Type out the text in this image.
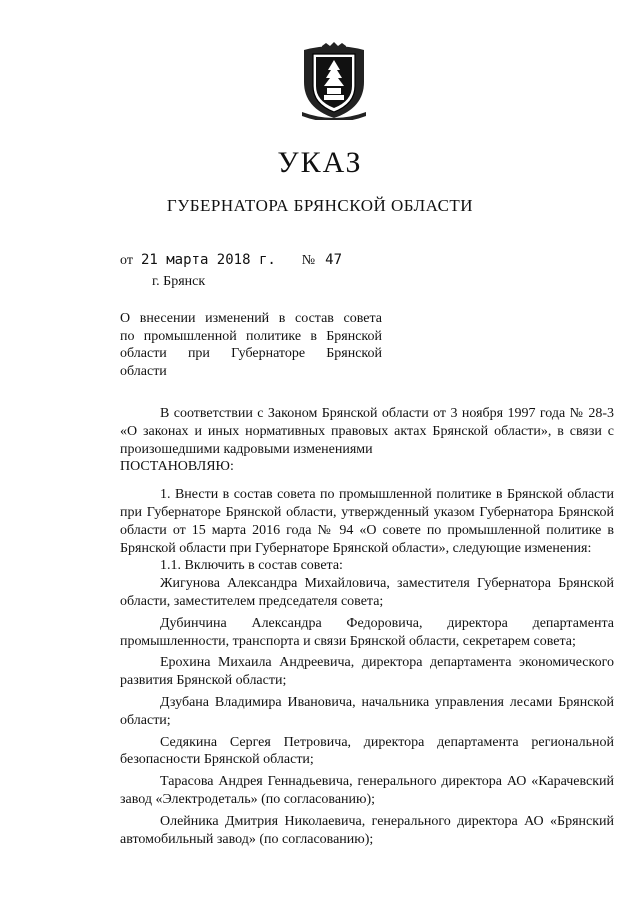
УКАЗ
ГУБЕРНАТОРА БРЯНСКОЙ ОБЛАСТИ
от 21 марта 2018 г. № 47
г. Брянск
О внесении изменений в состав совета
по промышленной политике в Брянской
области при Губернаторе Брянской
области

В соответствии с Законом Брянской области от 3 ноября 1997 года № 28-3 «О законах и иных нормативных правовых актах Брянской области», в связи с произошедшими кадровыми изменениями

ПОСТАНОВЛЯЮ:

1. Внести в состав совета по промышленной политике в Брянской области при Губернаторе Брянской области, утвержденный указом Губернатора Брянской области от 15 марта 2016 года № 94 «О совете по промышленной политике в Брянской области при Губернаторе Брянской области», следующие изменения:

1.1. Включить в состав совета:

Жигунова Александра Михайловича, заместителя Губернатора Брянской области, заместителем председателя совета;

Дубинчина Александра Федоровича, директора департамента промышленности, транспорта и связи Брянской области, секретарем совета;

Ерохина Михаила Андреевича, директора департамента экономического развития Брянской области;

Дзубана Владимира Ивановича, начальника управления лесами Брянской области;

Седякина Сергея Петровича, директора департамента региональной безопасности Брянской области;

Тарасова Андрея Геннадьевича, генерального директора АО «Карачевский завод «Электродеталь» (по согласованию);

Олейника Дмитрия Николаевича, генерального директора АО «Брянский автомобильный завод» (по согласованию);
